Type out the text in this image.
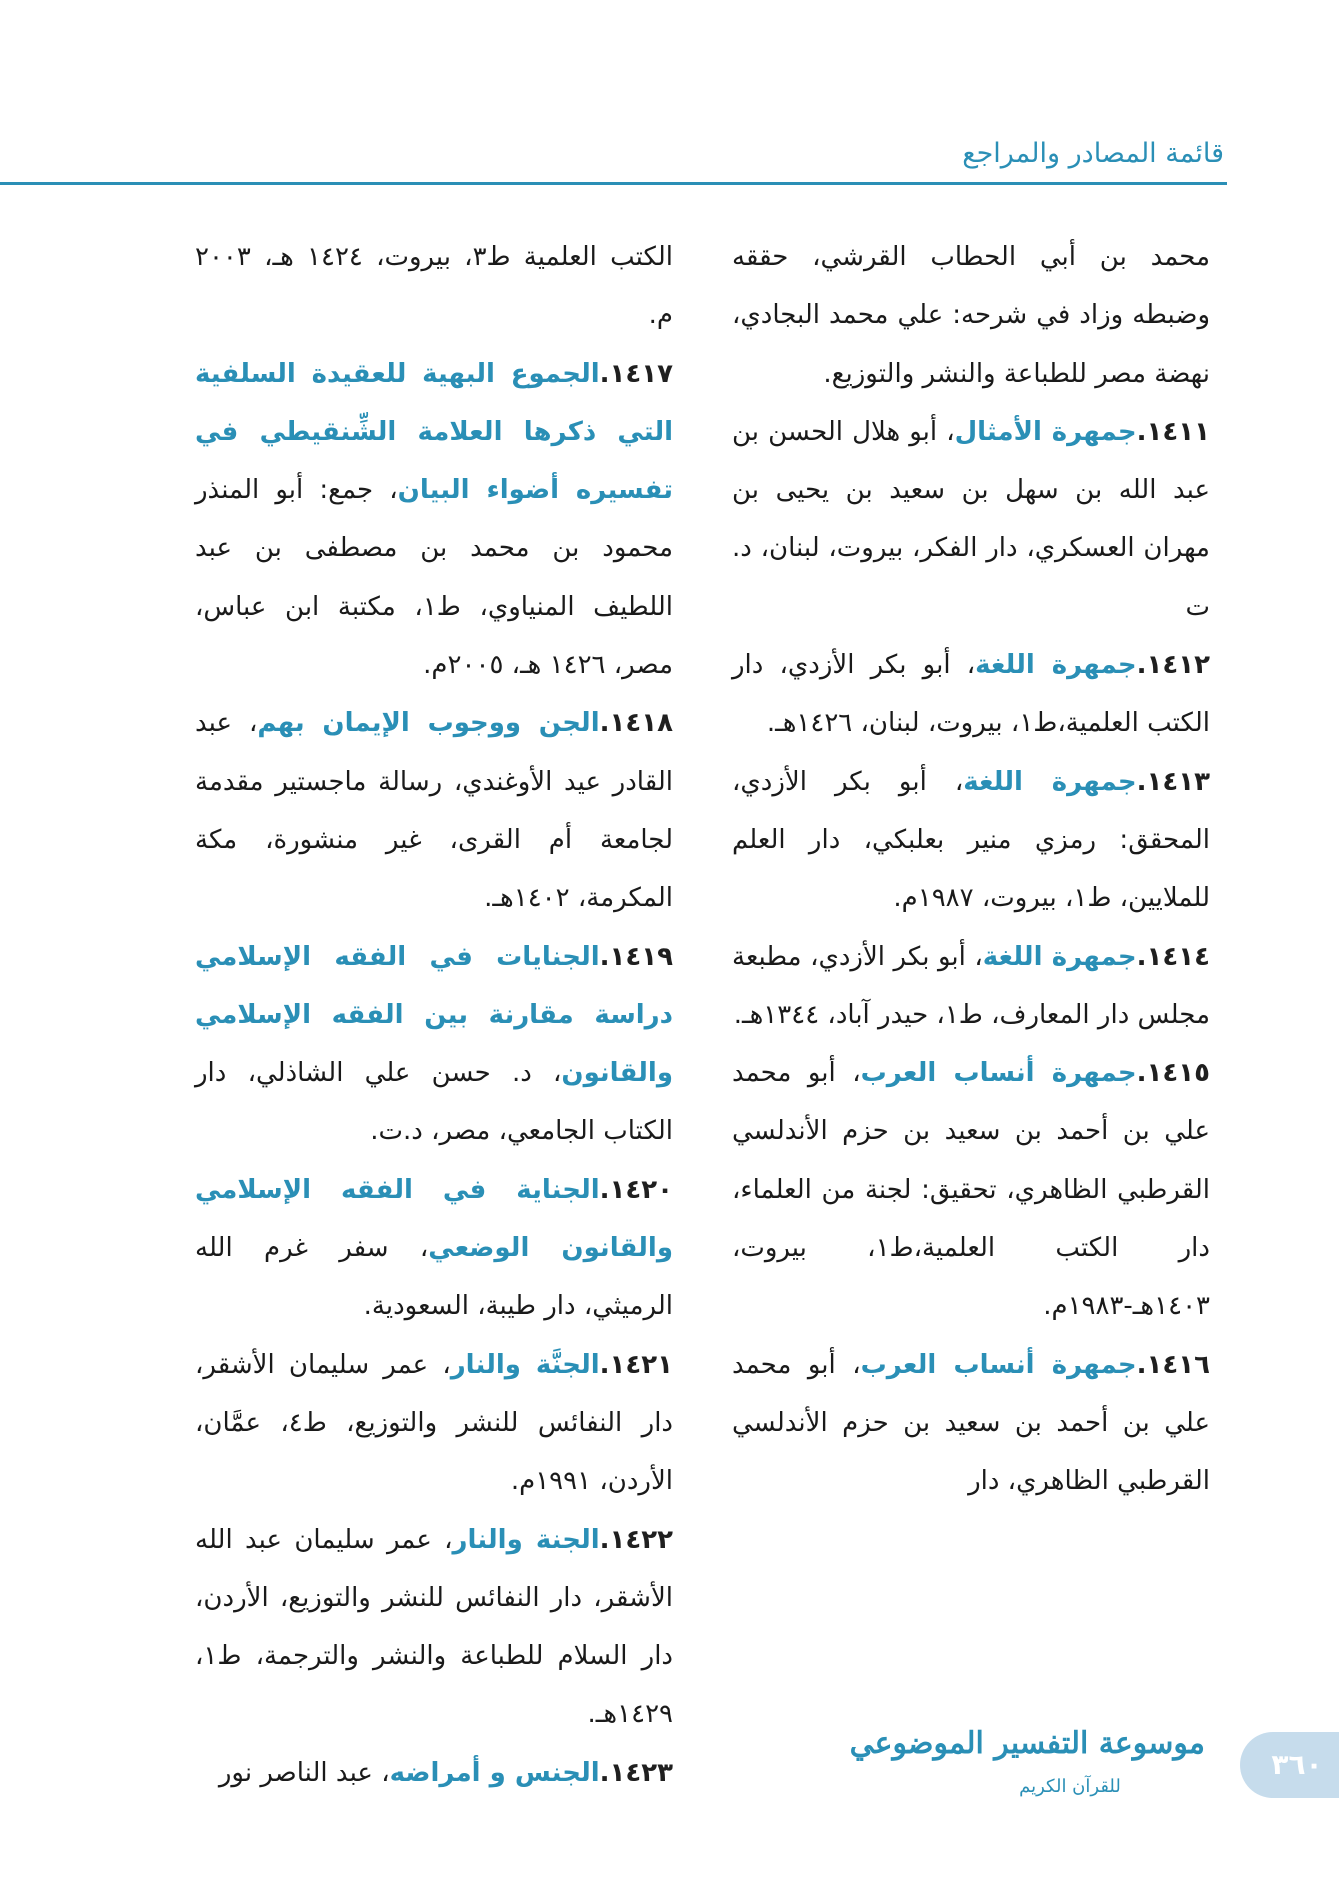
قائمة المصادر والمراجع

محمد بن أبي الحطاب القرشي، حققه وضبطه وزاد في شرحه: علي محمد البجادي، نهضة مصر للطباعة والنشر والتوزيع.

١٤١١.جمهرة الأمثال، أبو هلال الحسن بن عبد الله بن سهل بن سعيد بن يحيى بن مهران العسكري، دار الفكر، بيروت، لبنان، د. ت

١٤١٢.جمهرة اللغة، أبو بكر الأزدي، دار الكتب العلمية،ط١، بيروت، لبنان، ١٤٢٦هـ.

١٤١٣.جمهرة اللغة، أبو بكر الأزدي، المحقق: رمزي منير بعلبكي، دار العلم للملايين، ط١، بيروت، ١٩٨٧م.

١٤١٤.جمهرة اللغة، أبو بكر الأزدي، مطبعة مجلس دار المعارف، ط١، حيدر آباد، ١٣٤٤هـ.

١٤١٥.جمهرة أنساب العرب، أبو محمد علي بن أحمد بن سعيد بن حزم الأندلسي القرطبي الظاهري، تحقيق: لجنة من العلماء، دار الكتب العلمية،ط١، بيروت، ١٤٠٣هـ-١٩٨٣م.

١٤١٦.جمهرة أنساب العرب، أبو محمد علي بن أحمد بن سعيد بن حزم الأندلسي القرطبي الظاهري، دار

الكتب العلمية ط٣، بيروت، ١٤٢٤ هـ، ٢٠٠٣ م.

١٤١٧.الجموع البهية للعقيدة السلفية التي ذكرها العلامة الشِّنقيطي في تفسيره أضواء البيان، جمع: أبو المنذر محمود بن محمد بن مصطفى بن عبد اللطيف المنياوي، ط١، مكتبة ابن عباس، مصر، ١٤٢٦ هـ، ٢٠٠٥م.

١٤١٨.الجن ووجوب الإيمان بهم، عبد القادر عيد الأوغندي، رسالة ماجستير مقدمة لجامعة أم القرى، غير منشورة، مكة المكرمة، ١٤٠٢هـ.

١٤١٩.الجنايات في الفقه الإسلامي دراسة مقارنة بين الفقه الإسلامي والقانون، د. حسن علي الشاذلي، دار الكتاب الجامعي، مصر، د.ت.

١٤٢٠.الجناية في الفقه الإسلامي والقانون الوضعي، سفر غرم الله الرميثي، دار طيبة، السعودية.

١٤٢١.الجنَّة والنار، عمر سليمان الأشقر، دار النفائس للنشر والتوزيع، ط٤، عمَّان، الأردن، ١٩٩١م.

١٤٢٢.الجنة والنار، عمر سليمان عبد الله الأشقر، دار النفائس للنشر والتوزيع، الأردن، دار السلام للطباعة والنشر والترجمة، ط١، ١٤٢٩هـ.

١٤٢٣.الجنس و أمراضه، عبد الناصر نور

موسوعة التفسير الموضوعي
للقرآن الكريم
٣٦٠
